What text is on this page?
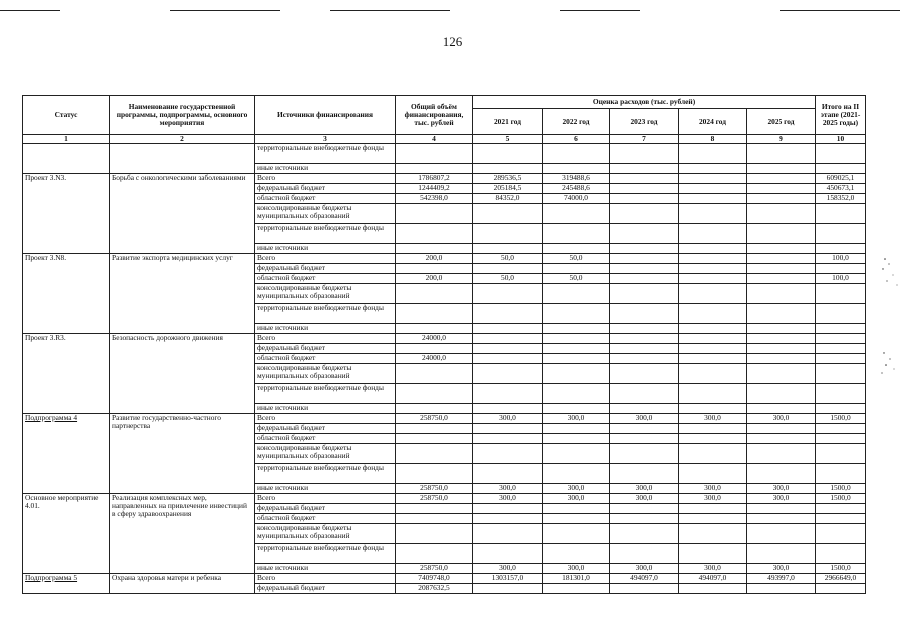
126
Статус	Наименование государственной программы, подпрограммы, основного мероприятия	Источники финансирования	Общий объём финансирования, тыс. рублей	Оценка расходов (тыс. рублей)					Итого на II этапе (2021-2025 годы)
				2021 год	2022 год	2023 год	2024 год	2025 год	
1	2	3	4	5	6	7	8	9	10
		территориальные внебюджетные фонды							
		иные источники							
Проект 3.N3.	Борьба с онкологическими заболеваниями	Всего	1786807,2	289536,5	319488,6				609025,1
		федеральный бюджет	1244409,2	205184,5	245488,6				450673,1
		областной бюджет	542398,0	84352,0	74000,0				158352,0
		консолидированные бюджеты муниципальных образований							
		территориальные внебюджетные фонды							
		иные источники							
Проект 3.N8.	Развитие экспорта медицинских услуг	Всего	200,0	50,0	50,0				100,0
		федеральный бюджет							
		областной бюджет	200,0	50,0	50,0				100,0
		консолидированные бюджеты муниципальных образований							
		территориальные внебюджетные фонды							
		иные источники							
Проект 3.R3.	Безопасность дорожного движения	Всего	24000,0						
		федеральный бюджет							
		областной бюджет	24000,0						
		консолидированные бюджеты муниципальных образований							
		территориальные внебюджетные фонды							
		иные источники							
Подпрограмма 4	Развитие государственно-частного партнерства	Всего	258750,0	300,0	300,0	300,0	300,0	300,0	1500,0
		федеральный бюджет							
		областной бюджет							
		консолидированные бюджеты муниципальных образований							
		территориальные внебюджетные фонды							
		иные источники	258750,0	300,0	300,0	300,0	300,0	300,0	1500,0
Основное мероприятие 4.01.	Реализация комплексных мер, направленных на привлечение инвестиций в сферу здравоохранения	Всего	258750,0	300,0	300,0	300,0	300,0	300,0	1500,0
		федеральный бюджет							
		областной бюджет							
		консолидированные бюджеты муниципальных образований							
		территориальные внебюджетные фонды							
		иные источники	258750,0	300,0	300,0	300,0	300,0	300,0	1500,0
Подпрограмма 5	Охрана здоровья матери и ребенка	Всего	7409748,0	1303157,0	181301,0	494097,0	494097,0	493997,0	2966649,0
		федеральный бюджет	2087632,5						
